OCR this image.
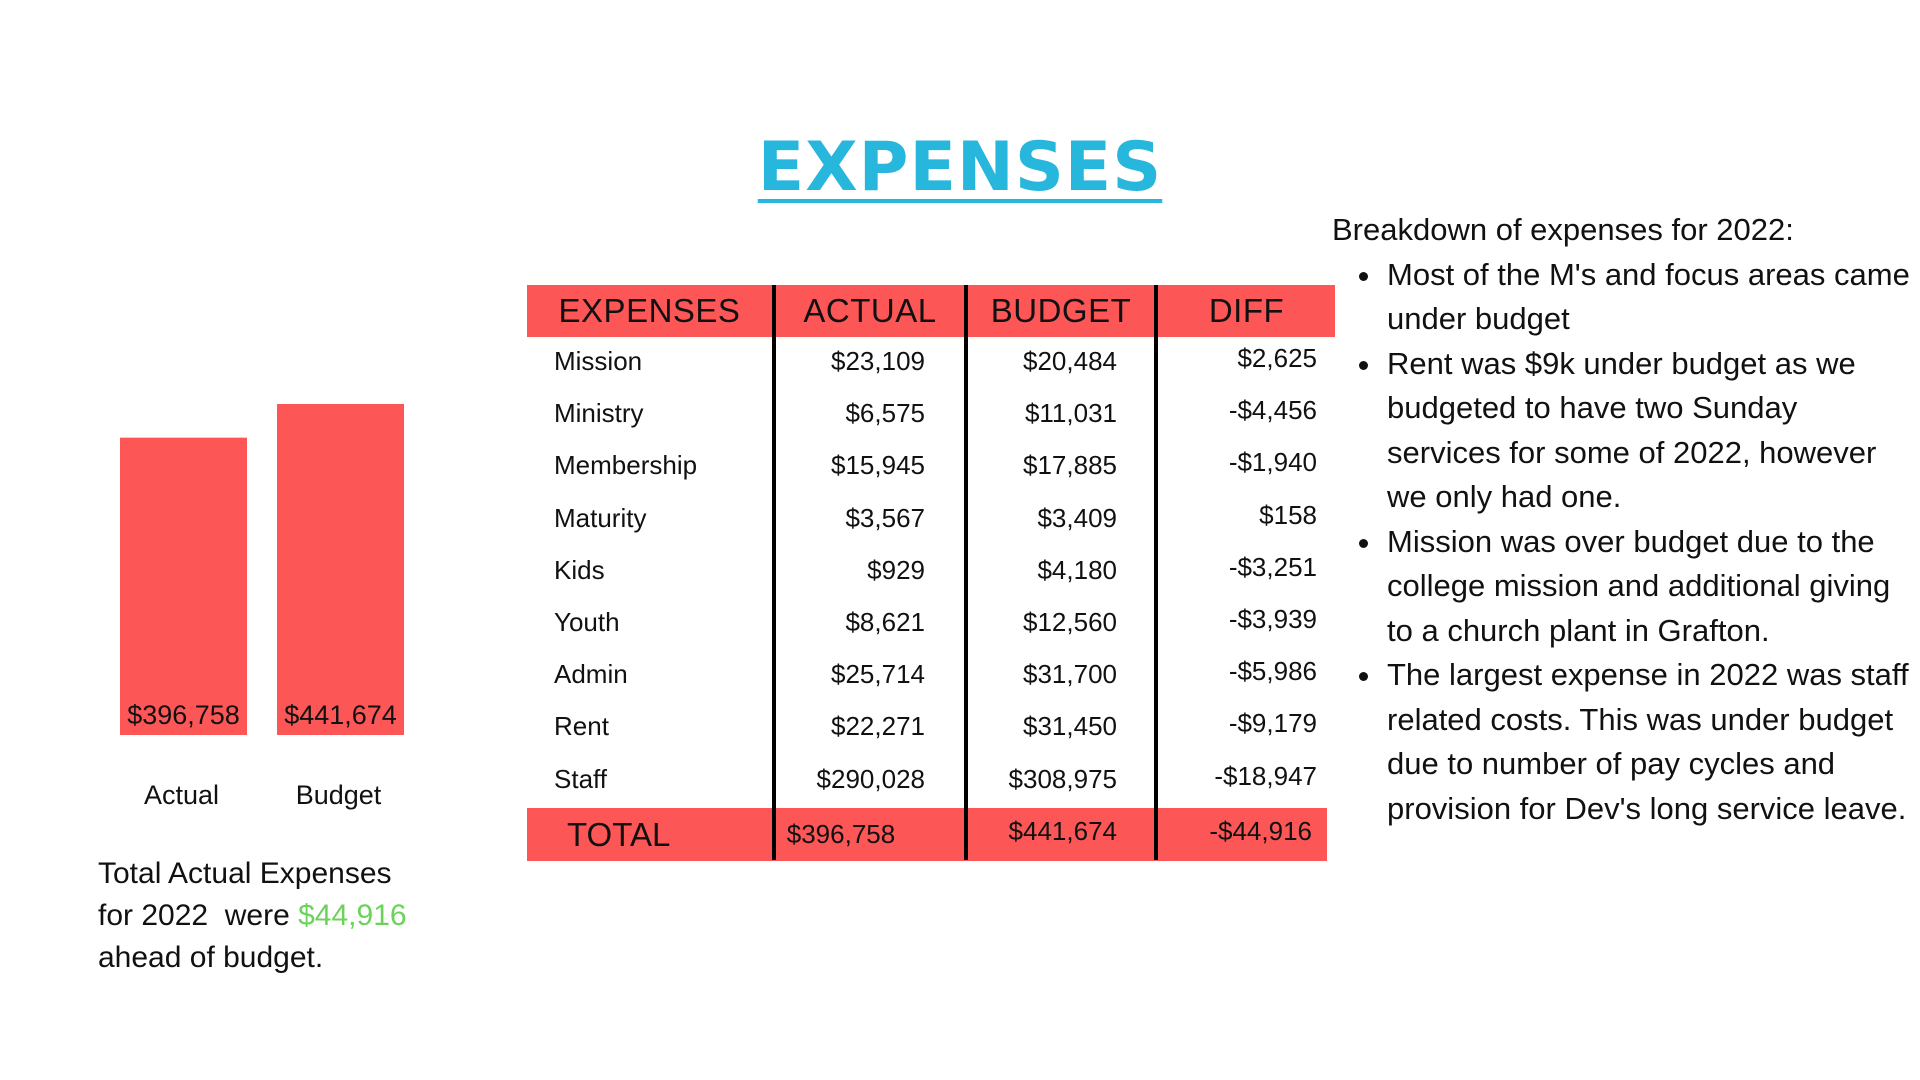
EXPENSES
$396,758
Actual
$441,674
Budget
Total Actual Expenses
for 2022  were $44,916
ahead of budget.
EXPENSES	ACTUAL	BUDGET	DIFF
Mission	$23,109	$20,484	$2,625
Ministry	$6,575	$11,031	-$4,456
Membership	$15,945	$17,885	-$1,940
Maturity	$3,567	$3,409	$158
Kids	$929	$4,180	-$3,251
Youth	$8,621	$12,560	-$3,939
Admin	$25,714	$31,700	-$5,986
Rent	$22,271	$31,450	-$9,179
Staff	$290,028	$308,975	-$18,947
TOTAL	$396,758	$441,674	-$44,916
Breakdown of expenses for 2022:
Most of the M's and focus areas came under budget
Rent was $9k under budget as we budgeted to have two Sunday services for some of 2022, however we only had one.
Mission was over budget due to the college mission and additional giving to a church plant in Grafton.
The largest expense in 2022 was staff related costs. This was under budget due to number of pay cycles and provision for Dev's long service leave.
